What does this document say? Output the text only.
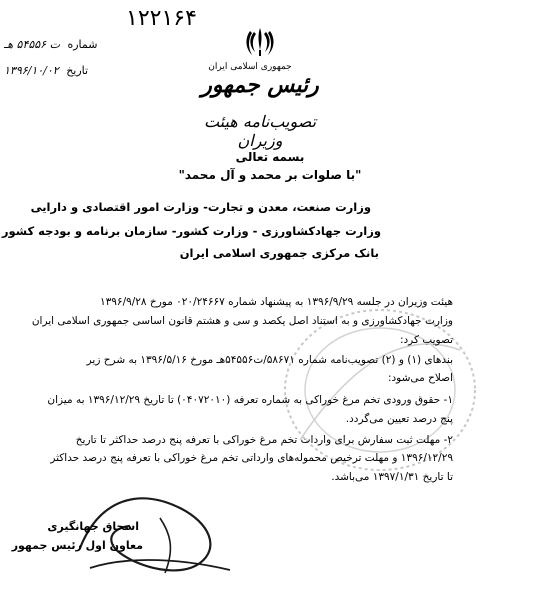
۱۲۲۱۶۴
شماره ت ۵۴۵۵۶ هـ
تاریخ ۱۳۹۶/۱۰/۰۲	جمهوری اسلامی ایران
رئیس جمهور
تصویب‌نامه هیئت وزیران
بسمه تعالی
"با صلوات بر محمد و آل محمد"
وزارت صنعت، معدن و تجارت- وزارت امور اقتصادی و دارایی
وزارت جهادکشاورزی - وزارت کشور- سازمان برنامه و بودجه کشور
بانک مرکزی جمهوری اسلامی ایران
هیئت وزیران در جلسه ۱۳۹۶/۹/۲۹ به پیشنهاد شماره ۰۲۰/۲۴۶۶۷ مورخ ۱۳۹۶/۹/۲۸
وزارت جهادکشاورزی و به استناد اصل یکصد و سی و هشتم قانون اساسی جمهوری اسلامی ایران
تصویب کرد:
بندهای (۱) و (۲) تصویب‌نامه شماره ۵۸۶۷۱/ت۵۴۵۵۶هـ مورخ ۱۳۹۶/۵/۱۶ به شرح زیر
اصلاح می‌شود:
۱- حقوق ورودی تخم مرغ خوراکی به شماره تعرفه (۰۴۰۷۲۰۱۰) تا تاریخ ۱۳۹۶/۱۲/۲۹ به میزان
پنج درصد تعیین می‌گردد.
۲- مهلت ثبت سفارش برای واردات تخم مرغ خوراکی با تعرفه پنج درصد حداکثر تا تاریخ
۱۳۹۶/۱۲/۲۹ و مهلت ترخیص محموله‌های وارداتی تخم مرغ خوراکی با تعرفه پنج درصد حداکثر
تا تاریخ ۱۳۹۷/۱/۳۱ می‌باشد.
اسحاق جهانگیری
معاون اول رئیس جمهور
